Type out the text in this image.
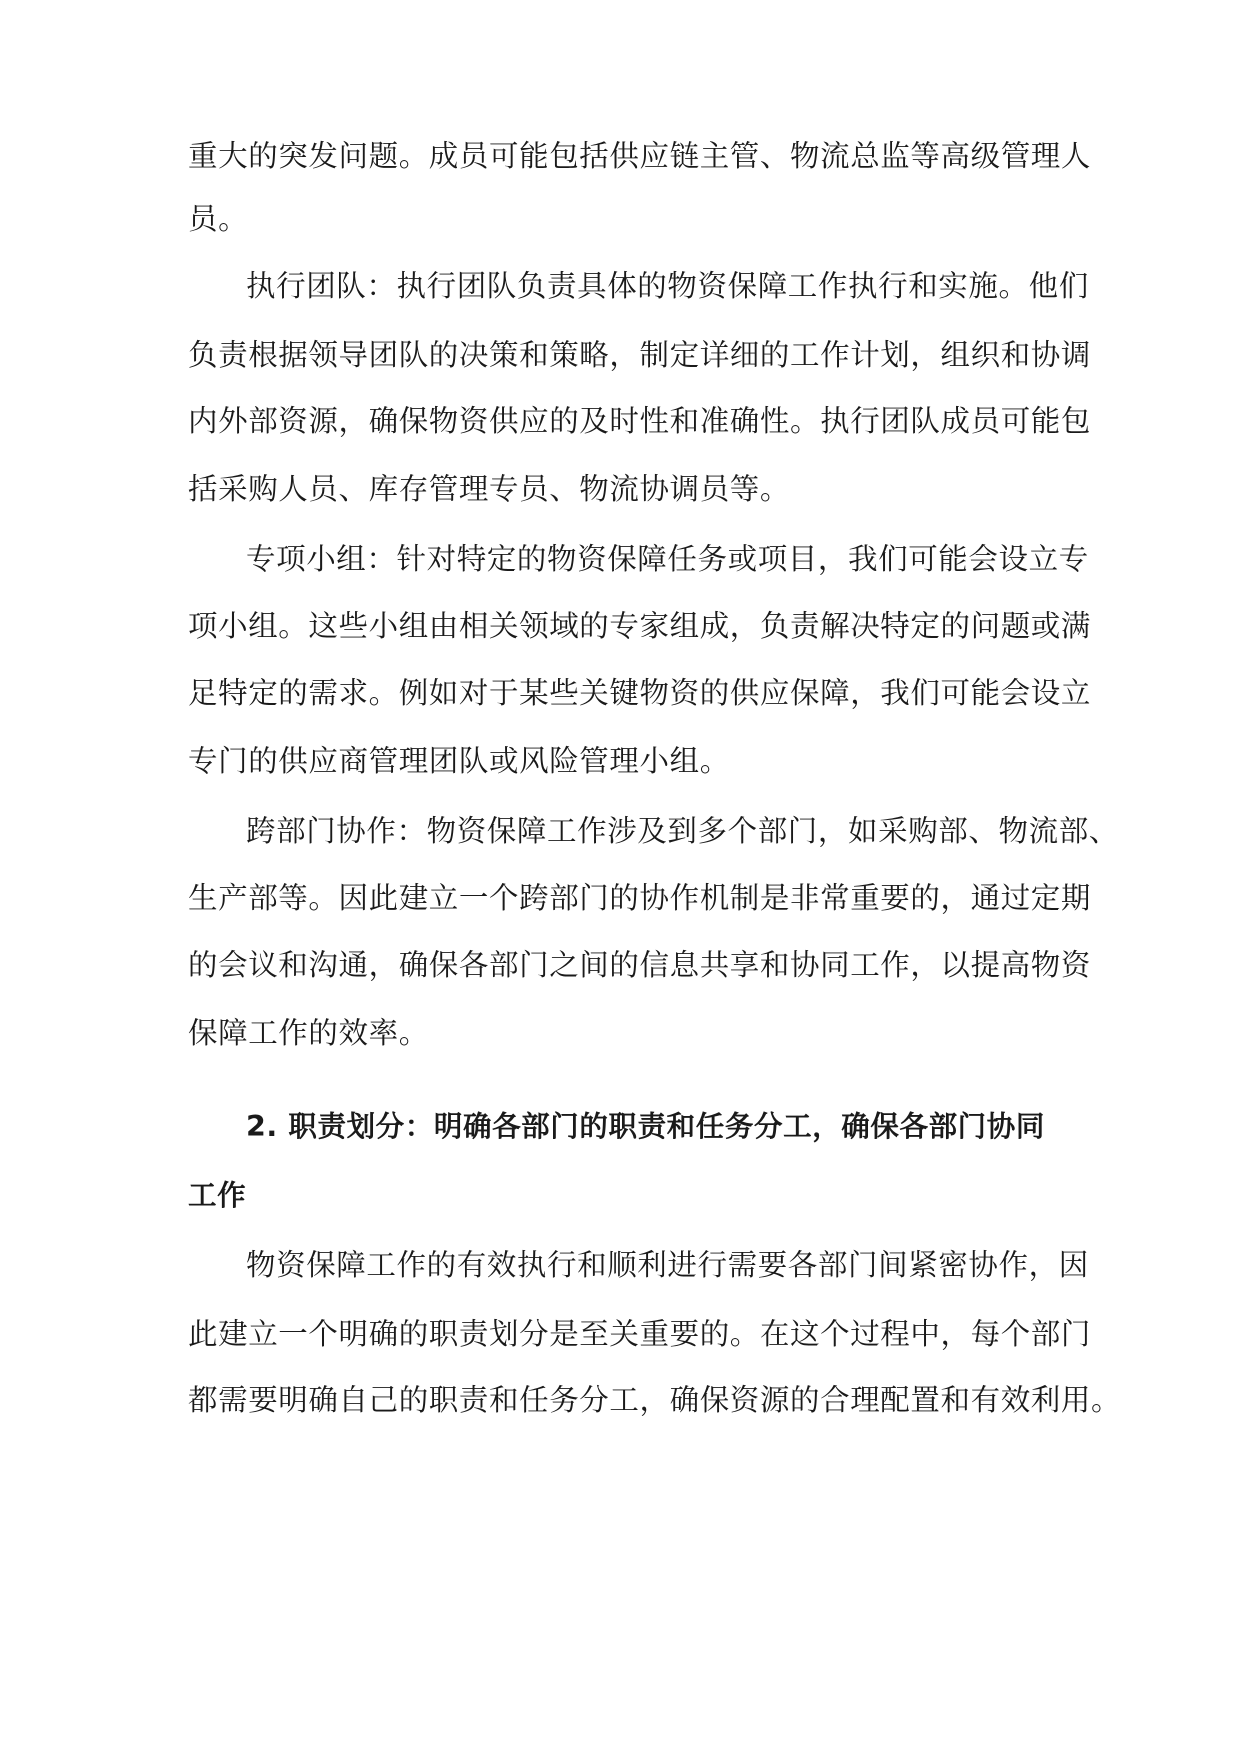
重大的突发问题。成员可能包括供应链主管、物流总监等高级管理人
员。
执行团队：执行团队负责具体的物资保障工作执行和实施。他们
负责根据领导团队的决策和策略，制定详细的工作计划，组织和协调
内外部资源，确保物资供应的及时性和准确性。执行团队成员可能包
括采购人员、库存管理专员、物流协调员等。
专项小组：针对特定的物资保障任务或项目，我们可能会设立专
项小组。这些小组由相关领域的专家组成，负责解决特定的问题或满
足特定的需求。例如对于某些关键物资的供应保障，我们可能会设立
专门的供应商管理团队或风险管理小组。
跨部门协作：物资保障工作涉及到多个部门，如采购部、物流部、
生产部等。因此建立一个跨部门的协作机制是非常重要的，通过定期
的会议和沟通，确保各部门之间的信息共享和协同工作，以提高物资
保障工作的效率。
2. 职责划分：明确各部门的职责和任务分工，确保各部门协同
工作
物资保障工作的有效执行和顺利进行需要各部门间紧密协作，因
此建立一个明确的职责划分是至关重要的。在这个过程中，每个部门
都需要明确自己的职责和任务分工，确保资源的合理配置和有效利用。
